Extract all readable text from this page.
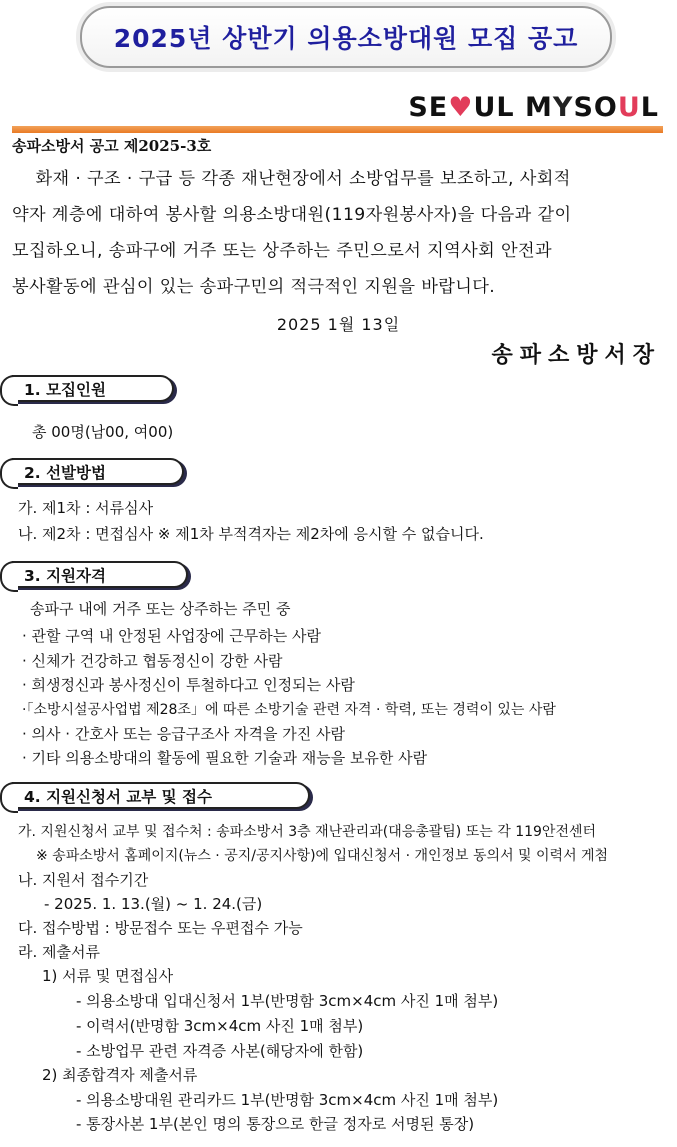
2025년 상반기 의용소방대원 모집 공고
SE ♥ UL M Y SO U L
송파소방서 공고 제2025-3호
화재 · 구조 · 구급 등 각종 재난현장에서 소방업무를 보조하고, 사회적
약자 계층에 대하여 봉사할 의용소방대원(119자원봉사자)을 다음과 같이
모집하오니, 송파구에 거주 또는 상주하는 주민으로서 지역사회 안전과
봉사활동에 관심이 있는 송파구민의 적극적인 지원을 바랍니다.
2025 1월 13일
송파소방서장
1. 모집인원
총 00명(남00, 여00)
2. 선발방법
가. 제1차 : 서류심사
나. 제2차 : 면접심사 ※ 제1차 부적격자는 제2차에 응시할 수 없습니다.
3. 지원자격
송파구 내에 거주 또는 상주하는 주민 중
· 관할 구역 내 안정된 사업장에 근무하는 사람
· 신체가 건강하고 협동정신이 강한 사람
· 희생정신과 봉사정신이 투철하다고 인정되는 사람
·「소방시설공사업법 제28조」에 따른 소방기술 관련 자격 · 학력, 또는 경력이 있는 사람
· 의사 · 간호사 또는 응급구조사 자격을 가진 사람
· 기타 의용소방대의 활동에 필요한 기술과 재능을 보유한 사람
4. 지원신청서 교부 및 접수
가. 지원신청서 교부 및 접수처 : 송파소방서 3층 재난관리과(대응총괄팀) 또는 각 119안전센터
※ 송파소방서 홈페이지(뉴스 · 공지/공지사항)에 입대신청서 · 개인정보 동의서 및 이력서 게첨
나. 지원서 접수기간
- 2025. 1. 13.(월) ~ 1. 24.(금)
다. 접수방법 : 방문접수 또는 우편접수 가능
라. 제출서류
1) 서류 및 면접심사
- 의용소방대 입대신청서 1부(반명함 3cm×4cm 사진 1매 첨부)
- 이력서(반명함 3cm×4cm 사진 1매 첨부)
- 소방업무 관련 자격증 사본(해당자에 한함)
2) 최종합격자 제출서류
- 의용소방대원 관리카드 1부(반명함 3cm×4cm 사진 1매 첨부)
- 통장사본 1부(본인 명의 통장으로 한글 정자로 서명된 통장)
